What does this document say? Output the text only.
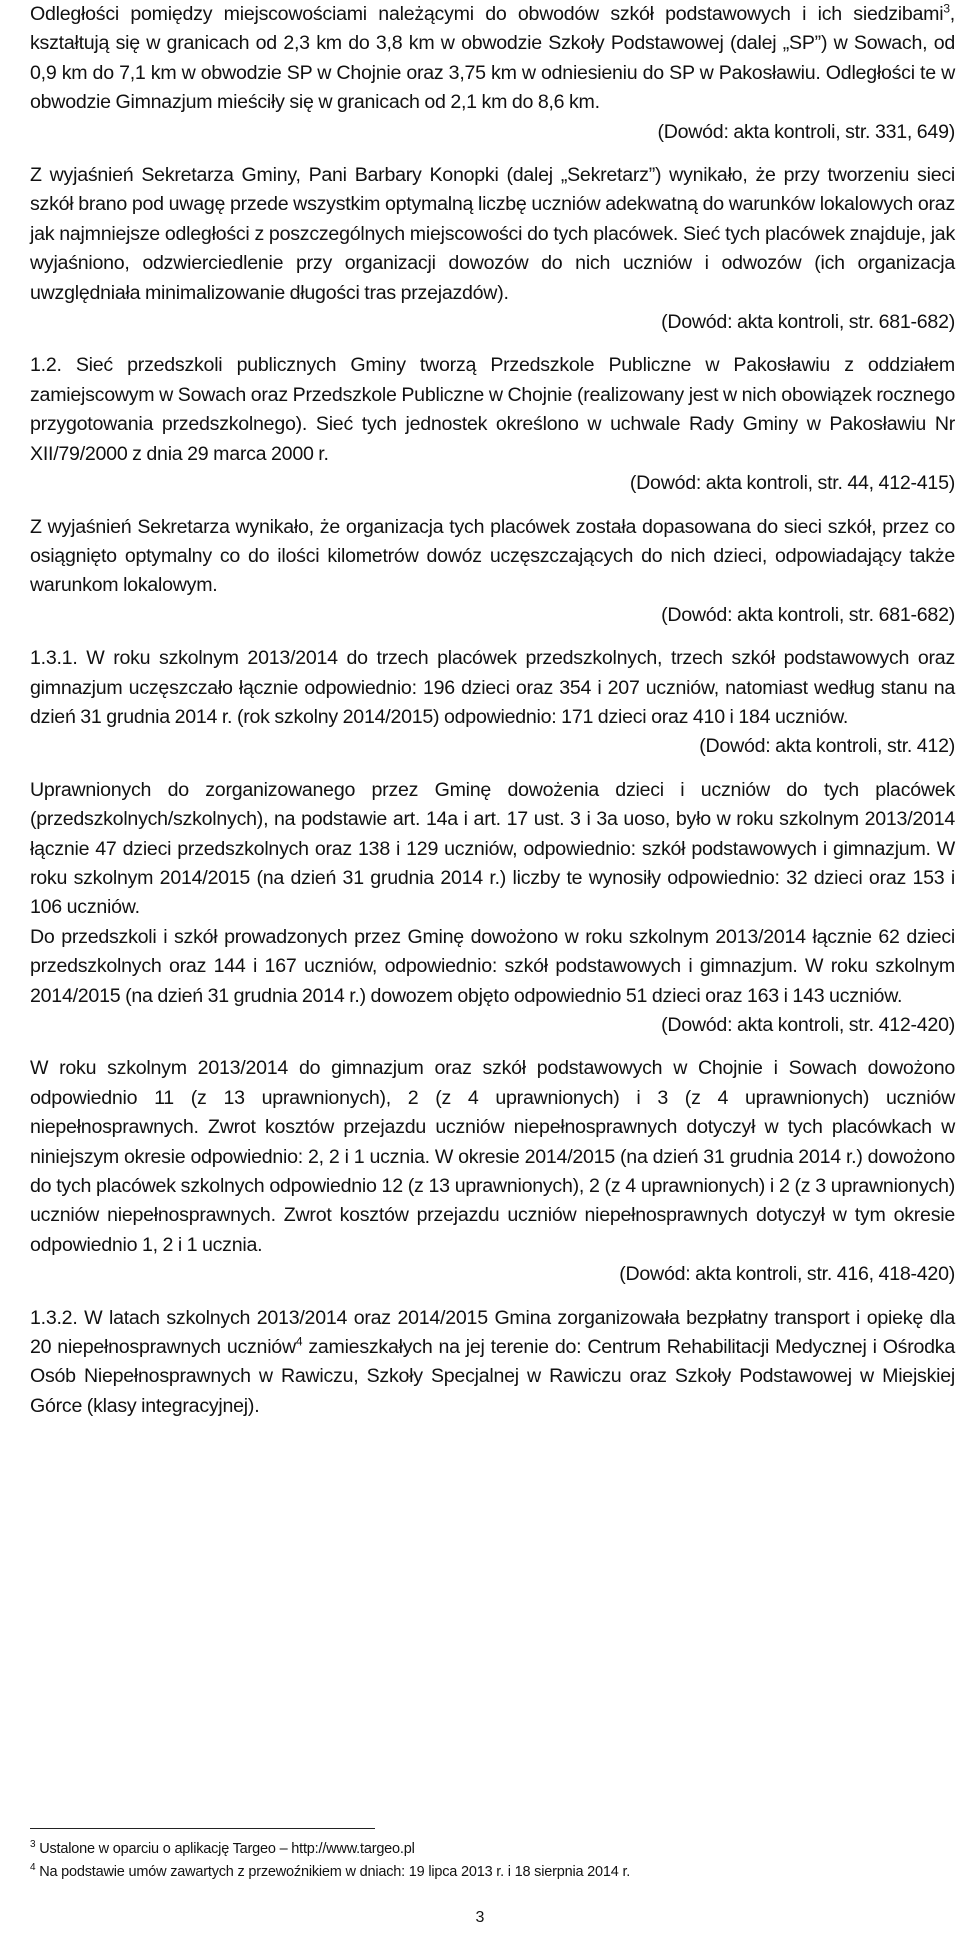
Odległości pomiędzy miejscowościami należącymi do obwodów szkół podstawowych i ich siedzibami$^3$, kształtują się w granicach od 2,3 km do 3,8 km w obwodzie Szkoły Podstawowej (dalej „SP”) w Sowach, od 0,9 km do 7,1 km w obwodzie SP w Chojnie oraz 3,75 km w odniesieniu do SP w Pakosławiu. Odległości te w obwodzie Gimnazjum mieściły się w granicach od 2,1 km do 8,6 km.

(Dowód: akta kontroli, str. 331, 649)

Z wyjaśnień Sekretarza Gminy, Pani Barbary Konopki (dalej „Sekretarz”) wynikało, że przy tworzeniu sieci szkół brano pod uwagę przede wszystkim optymalną liczbę uczniów adekwatną do warunków lokalowych oraz jak najmniejsze odległości z poszczególnych miejscowości do tych placówek. Sieć tych placówek znajduje, jak wyjaśniono, odzwierciedlenie przy organizacji dowozów do nich uczniów i odwozów (ich organizacja uwzględniała minimalizowanie długości tras przejazdów).

(Dowód: akta kontroli, str. 681-682)

1.2. Sieć przedszkoli publicznych Gminy tworzą Przedszkole Publiczne w Pakosławiu z oddziałem zamiejscowym w Sowach oraz Przedszkole Publiczne w Chojnie (realizowany jest w nich obowiązek rocznego przygotowania przedszkolnego). Sieć tych jednostek określono w uchwale Rady Gminy w Pakosławiu Nr XII/79/2000 z dnia 29 marca 2000 r.

(Dowód: akta kontroli, str. 44, 412-415)

Z wyjaśnień Sekretarza wynikało, że organizacja tych placówek została dopasowana do sieci szkół, przez co osiągnięto optymalny co do ilości kilometrów dowóz uczęszczających do nich dzieci, odpowiadający także warunkom lokalowym.

(Dowód: akta kontroli, str. 681-682)

1.3.1. W roku szkolnym 2013/2014 do trzech placówek przedszkolnych, trzech szkół podstawowych oraz gimnazjum uczęszczało łącznie odpowiednio: 196 dzieci oraz 354 i 207 uczniów, natomiast według stanu na dzień 31 grudnia 2014 r. (rok szkolny 2014/2015) odpowiednio: 171 dzieci oraz 410 i 184 uczniów.

(Dowód: akta kontroli, str. 412)

Uprawnionych do zorganizowanego przez Gminę dowożenia dzieci i uczniów do tych placówek (przedszkolnych/szkolnych), na podstawie art. 14a i art. 17 ust. 3 i 3a uoso, było w roku szkolnym 2013/2014 łącznie 47 dzieci przedszkolnych oraz 138 i 129 uczniów, odpowiednio: szkół podstawowych i gimnazjum. W roku szkolnym 2014/2015 (na dzień 31 grudnia 2014 r.) liczby te wynosiły odpowiednio: 32 dzieci oraz 153 i 106 uczniów.

Do przedszkoli i szkół prowadzonych przez Gminę dowożono w roku szkolnym 2013/2014 łącznie 62 dzieci przedszkolnych oraz 144 i 167 uczniów, odpowiednio: szkół podstawowych i gimnazjum. W roku szkolnym 2014/2015 (na dzień 31 grudnia 2014 r.) dowozem objęto odpowiednio 51 dzieci oraz 163 i 143 uczniów.

(Dowód: akta kontroli, str. 412-420)

W roku szkolnym 2013/2014 do gimnazjum oraz szkół podstawowych w Chojnie i Sowach dowożono odpowiednio 11 (z 13 uprawnionych), 2 (z 4 uprawnionych) i 3 (z 4 uprawnionych) uczniów niepełnosprawnych. Zwrot kosztów przejazdu uczniów niepełnosprawnych dotyczył w tych placówkach w niniejszym okresie odpowiednio: 2, 2 i 1 ucznia. W okresie 2014/2015 (na dzień 31 grudnia 2014 r.) dowożono do tych placówek szkolnych odpowiednio 12 (z 13 uprawnionych), 2 (z 4 uprawnionych) i 2 (z 3 uprawnionych) uczniów niepełnosprawnych. Zwrot kosztów przejazdu uczniów niepełnosprawnych dotyczył w tym okresie odpowiednio 1, 2 i 1 ucznia.

(Dowód: akta kontroli, str. 416, 418-420)

1.3.2. W latach szkolnych 2013/2014 oraz 2014/2015 Gmina zorganizowała bezpłatny transport i opiekę dla 20 niepełnosprawnych uczniów$^4$ zamieszkałych na jej terenie do: Centrum Rehabilitacji Medycznej i Ośrodka Osób Niepełnosprawnych w Rawiczu, Szkoły Specjalnej w Rawiczu oraz Szkoły Podstawowej w Miejskiej Górce (klasy integracyjnej).

$^3$ Ustalone w oparciu o aplikację Targeo – http://www.targeo.pl

$^4$ Na podstawie umów zawartych z przewoźnikiem w dniach: 19 lipca 2013 r. i 18 sierpnia 2014 r.

3
